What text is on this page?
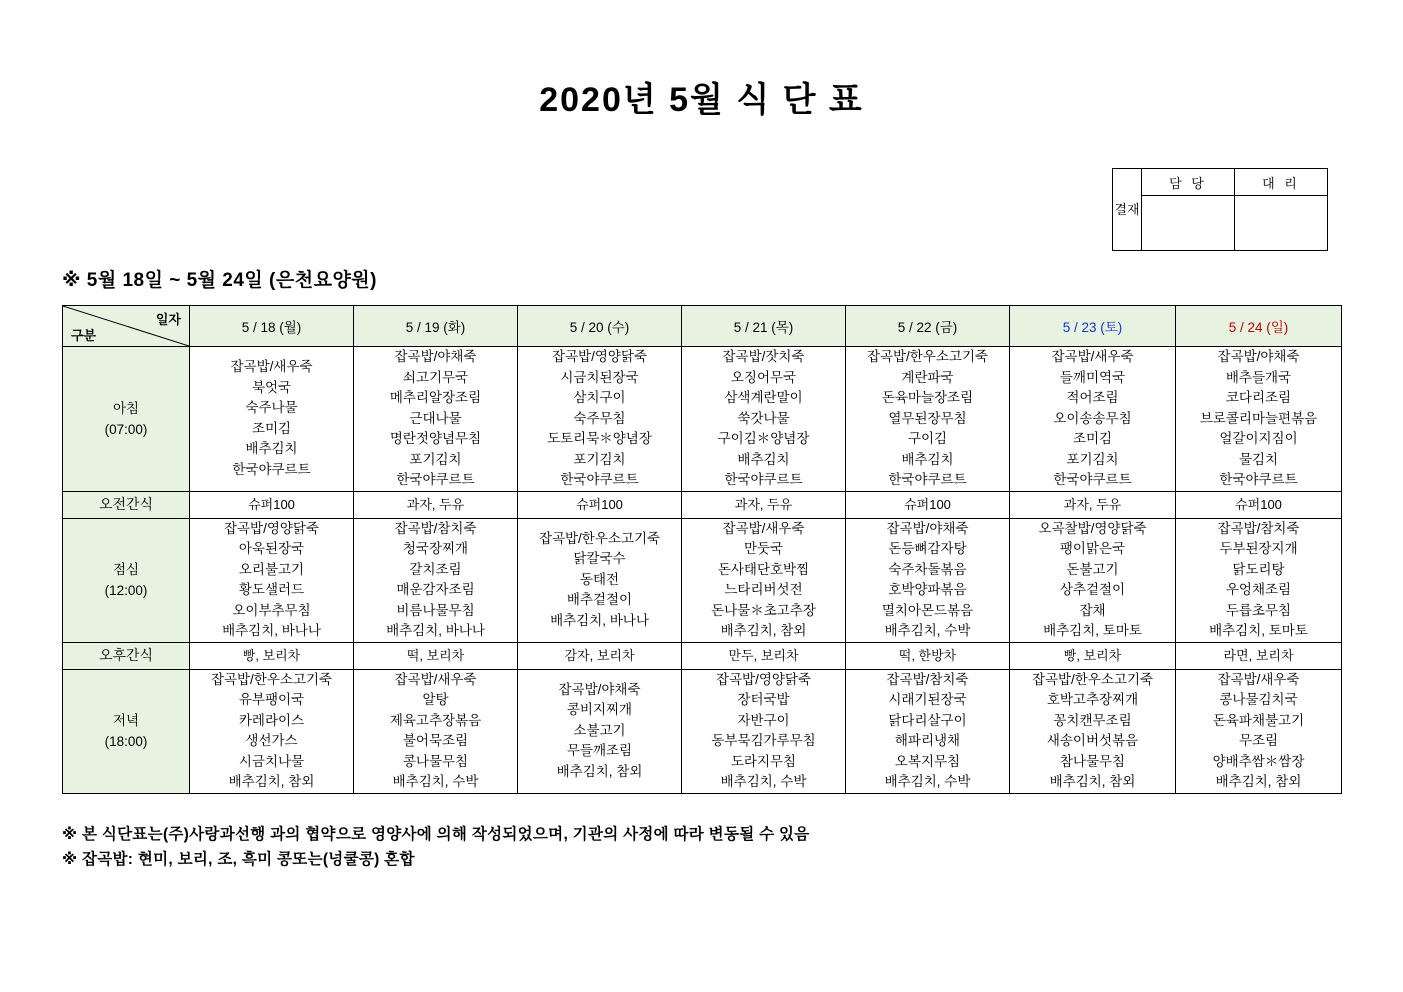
2020년 5월 식 단 표
결재	담 당	대 리

※ 5월 18일 ~ 5월 24일 (은천요양원)
일자
구분	5 / 18 (월)	5 / 19 (화)	5 / 20 (수)	5 / 21 (목)	5 / 22 (금)	5 / 23 (토)	5 / 24 (일)

아침
(07:00)

잡곡밥/새우죽
북엇국
숙주나물
조미김
배추김치
한국야쿠르트

잡곡밥/야채죽
쇠고기무국
메추리알장조림
근대나물
명란젓양념무침
포기김치
한국야쿠르트

잡곡밥/영양닭죽
시금치된장국
삼치구이
숙주무침
도토리묵＊양념장
포기김치
한국야쿠르트

잡곡밥/잣치죽
오징어무국
삼색계란말이
쑥갓나물
구이김＊양념장
배추김치
한국야쿠르트

잡곡밥/한우소고기죽
계란파국
돈육마늘장조림
열무된장무침
구이김
배추김치
한국야쿠르트

잡곡밥/새우죽
들깨미역국
적어조림
오이송송무침
조미김
포기김치
한국야쿠르트

잡곡밥/야채죽
배추들개국
코다리조림
브로콜리마늘편볶음
얼갈이지짐이
물김치
한국야쿠르트

오전간식	슈퍼100	과자, 두유	슈퍼100	과자, 두유	슈퍼100	과자, 두유	슈퍼100

점심
(12:00)

잡곡밥/영양닭죽
아욱된장국
오리불고기
황도샐러드
오이부추무침
배추김치, 바나나

잡곡밥/참치죽
청국장찌개
갈치조림
매운감자조림
비름나물무침
배추김치, 바나나

잡곡밥/한우소고기죽
닭칼국수
동태전
배추겉절이
배추김치, 바나나

잡곡밥/새우죽
만둣국
돈사태단호박찜
느타리버섯전
돈나물＊초고추장
배추김치, 참외

잡곡밥/야채죽
돈등뼈감자탕
숙주차돌볶음
호박양파볶음
멸치아몬드볶음
배추김치, 수박

오곡찰밥/영양닭죽
팽이맑은국
돈불고기
상추겉절이
잡채
배추김치, 토마토

잡곡밥/참치죽
두부된장지개
닭도리탕
우엉채조림
두릅초무침
배추김치, 토마토

오후간식	빵, 보리차	떡, 보리차	감자, 보리차	만두, 보리차	떡, 한방차	빵, 보리차	라면, 보리차

저녁
(18:00)

잡곡밥/한우소고기죽
유부팽이국
카레라이스
생선가스
시금치나물
배추김치, 참외

잡곡밥/새우죽
알탕
제육고추장볶음
불어묵조림
콩나물무침
배추김치, 수박

잡곡밥/야채죽
콩비지찌개
소불고기
무들깨조림
배추김치, 참외

잡곡밥/영양닭죽
장터국밥
자반구이
동부묵김가루무침
도라지무침
배추김치, 수박

잡곡밥/참치죽
시래기된장국
닭다리살구이
해파리냉채
오복지무침
배추김치, 수박

잡곡밥/한우소고기죽
호박고추장찌개
꽁치캔무조림
새송이버섯볶음
참나물무침
배추김치, 참외

잡곡밥/새우죽
콩나물김치국
돈육파채불고기
무조림
양배추쌈＊쌈장
배추김치, 참외
※ 본 식단표는(주)사랑과선행 과의 협약으로 영양사에 의해 작성되었으며, 기관의 사정에 따라 변동될 수 있음
※ 잡곡밥: 현미, 보리, 조, 흑미 콩또는(넝쿨콩) 혼합
